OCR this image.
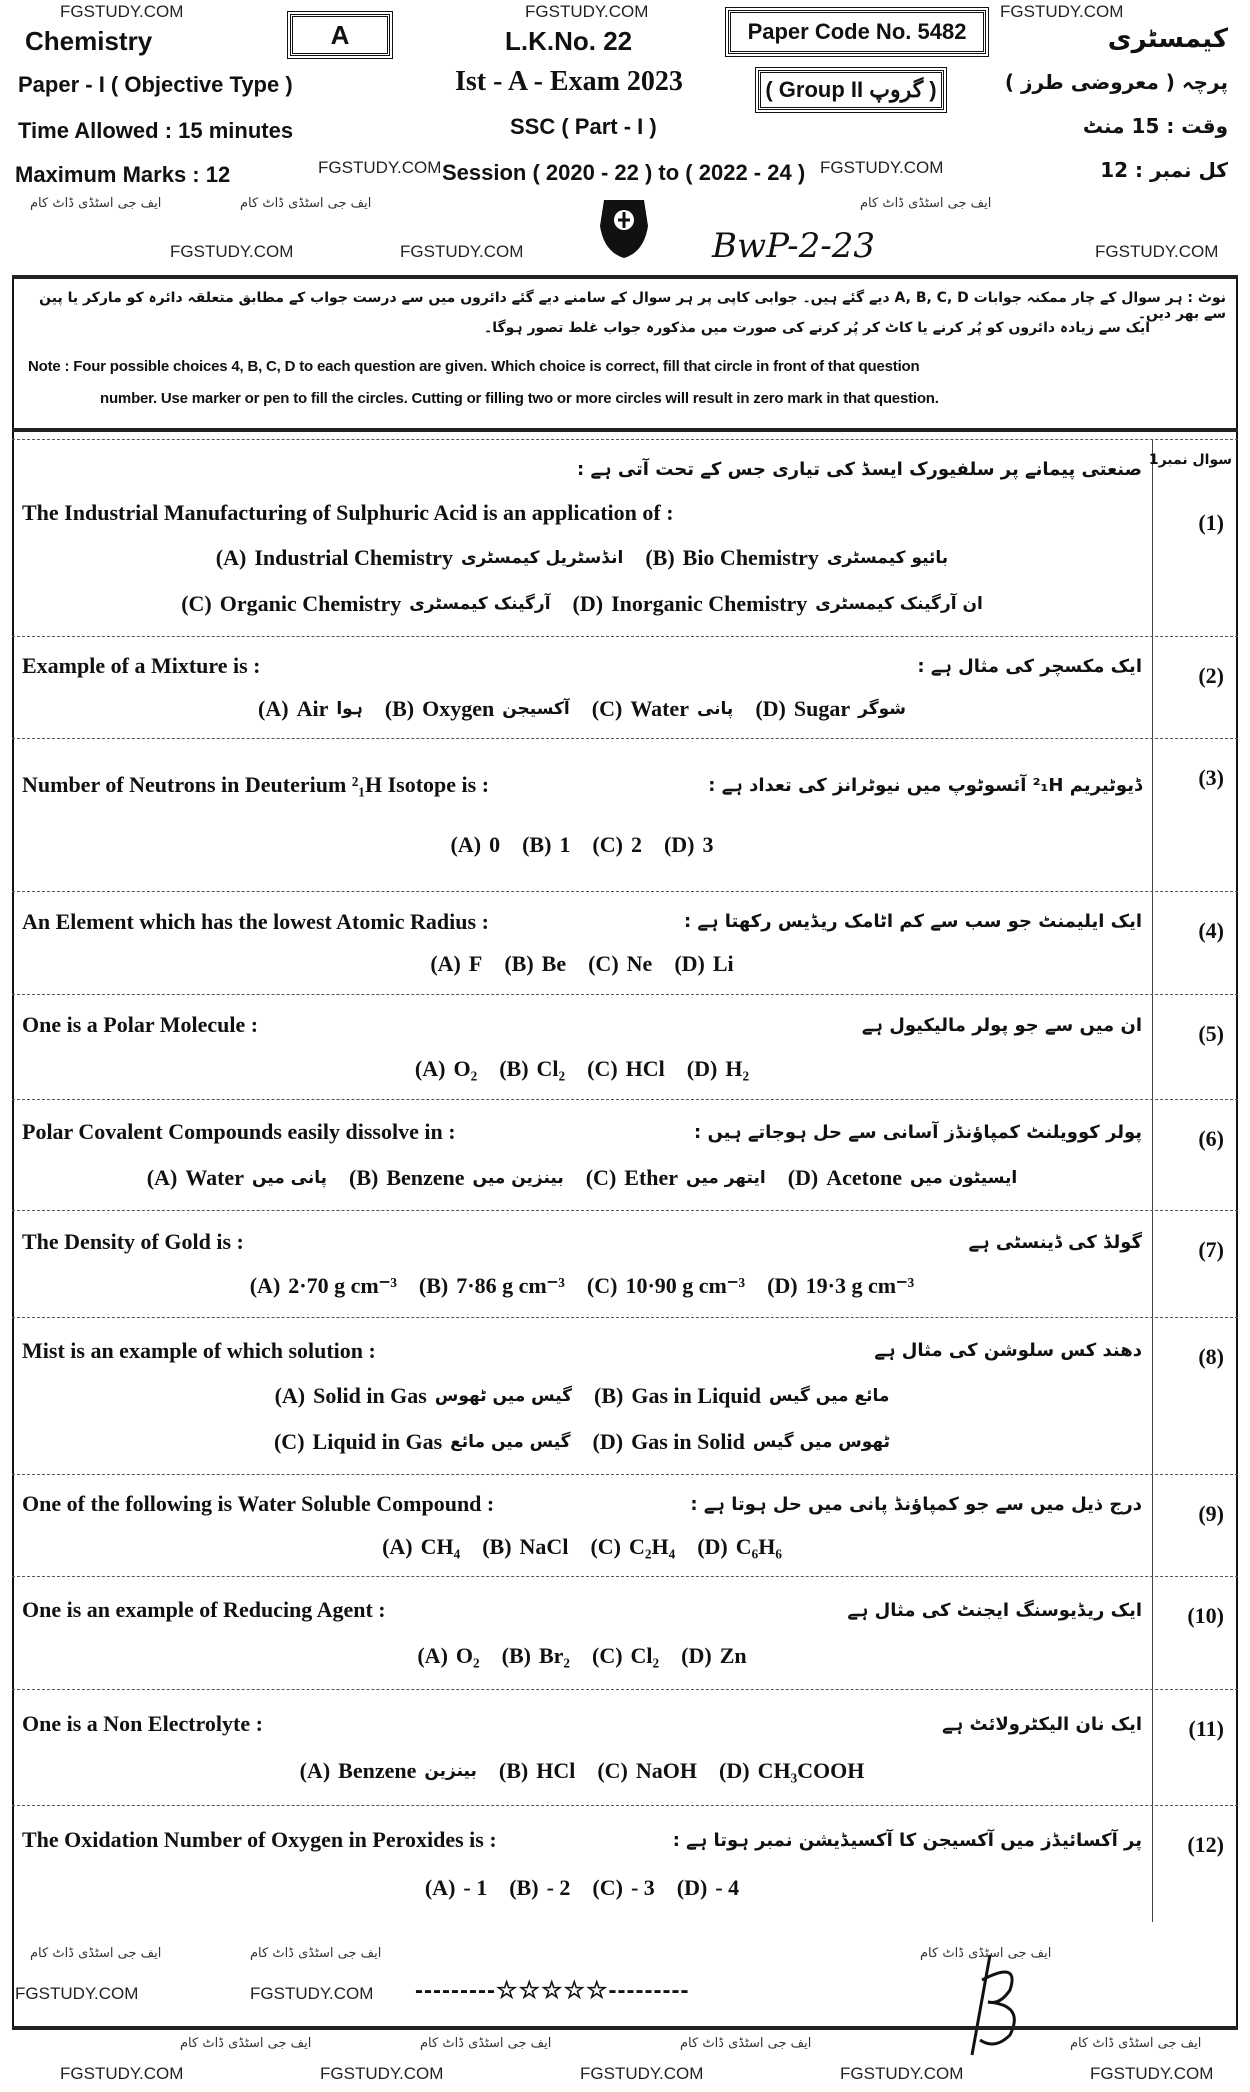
FGSTUDY.COM	FGSTUDY.COM	FGSTUDY.COM
Chemistry	A	L.K.No. 22	Paper Code No. 5482	کیمسٹری
Paper - I ( Objective Type )	Ist - A - Exam 2023	( Group II گروپ )	پرچہ ( معروضی طرز )
Time Allowed : 15 minutes	SSC ( Part - I )	وقت : 15 منٹ
Maximum Marks : 12	FGSTUDY.COM Session ( 2020 - 22 ) to ( 2022 - 24 ) FGSTUDY.COM	کل نمبر : 12
ایف جی اسٹڈی ڈاٹ کام	ایف جی اسٹڈی ڈاٹ کام	ایف جی اسٹڈی ڈاٹ کام
FGSTUDY.COM	FGSTUDY.COM	BwP-2-23	FGSTUDY.COM
نوٹ : ہر سوال کے چار ممکنہ جوابات A, B, C, D دیے گئے ہیں۔ جوابی کاپی پر ہر سوال کے سامنے دیے گئے دائروں میں سے درست جواب کے مطابق متعلقہ دائرہ کو مارکر یا پین سے بھر دیں۔
ایک سے زیادہ دائروں کو پُر کرنے یا کاٹ کر پُر کرنے کی صورت میں مذکورہ جواب غلط تصور ہوگا۔
Note : Four possible choices 4, B, C, D to each question are given. Which choice is correct, fill that circle in front of that question
number. Use marker or pen to fill the circles. Cutting or filling two or more circles will result in zero mark in that question.
(1)
سوال نمبر1
صنعتی پیمانے پر سلفیورک ایسڈ کی تیاری جس کے تحت آتی ہے :
The Industrial Manufacturing of Sulphuric Acid is an application of :
(A) Industrial Chemistry انڈسٹریل کیمسٹری (B) Bio Chemistry بائیو کیمسٹری
(C) Organic Chemistry آرگینک کیمسٹری (D) Inorganic Chemistry ان آرگینک کیمسٹری
(2)
Example of a Mixture is :	ایک مکسچر کی مثال ہے :
(A) Air ہوا (B) Oxygen آکسیجن (C) Water پانی (D) Sugar شوگر
(3)
Number of Neutrons in Deuterium ²₁H Isotope is :	ڈیوٹیریم ²₁H آئسوٹوپ میں نیوٹرانز کی تعداد ہے :
(A) 0 (B) 1 (C) 2 (D) 3
(4)
An Element which has the lowest Atomic Radius :	ایک ایلیمنٹ جو سب سے کم اٹامک ریڈیس رکھتا ہے :
(A) F (B) Be (C) Ne (D) Li
(5)
One is a Polar Molecule :	ان میں سے جو پولر مالیکیول ہے
(A) O₂ (B) Cl₂ (C) HCl (D) H₂
(6)
Polar Covalent Compounds easily dissolve in :	پولر کوویلنٹ کمپاؤنڈز آسانی سے حل ہوجاتے ہیں :
(A) Water پانی میں (B) Benzene بینزین میں (C) Ether ایتھر میں (D) Acetone ایسیٹون میں
(7)
The Density of Gold is :	گولڈ کی ڈینسٹی ہے
(A) 2·70 g cm⁻³ (B) 7·86 g cm⁻³ (C) 10·90 g cm⁻³ (D) 19·3 g cm⁻³
(8)
Mist is an example of which solution :	دھند کس سلوشن کی مثال ہے
(A) Solid in Gas گیس میں ٹھوس (B) Gas in Liquid مائع میں گیس
(C) Liquid in Gas گیس میں مائع (D) Gas in Solid ٹھوس میں گیس
(9)
One of the following is Water Soluble Compound :	درج ذیل میں سے جو کمپاؤنڈ پانی میں حل ہوتا ہے :
(A) CH₄ (B) NaCl (C) C₂H₄ (D) C₆H₆
(10)
One is an example of Reducing Agent :	ایک ریڈیوسنگ ایجنٹ کی مثال ہے
(A) O₂ (B) Br₂ (C) Cl₂ (D) Zn
(11)
One is a Non Electrolyte :	ایک نان الیکٹرولائٹ ہے
(A) Benzene بینزین (B) HCl (C) NaOH (D) CH₃COOH
(12)
The Oxidation Number of Oxygen in Peroxides is :	پر آکسائیڈز میں آکسیجن کا آکسیڈیشن نمبر ہوتا ہے :
(A) - 1 (B) - 2 (C) - 3 (D) - 4
ایف جی اسٹڈی ڈاٹ کام	ایف جی اسٹڈی ڈاٹ کام	ایف جی اسٹڈی ڈاٹ کام
FGSTUDY.COM	FGSTUDY.COM ---------☆☆☆☆☆---------
ایف جی اسٹڈی ڈاٹ کام	ایف جی اسٹڈی ڈاٹ کام	ایف جی اسٹڈی ڈاٹ کام	ایف جی اسٹڈی ڈاٹ کام
FGSTUDY.COM	FGSTUDY.COM	FGSTUDY.COM	FGSTUDY.COM	FGSTUDY.COM
